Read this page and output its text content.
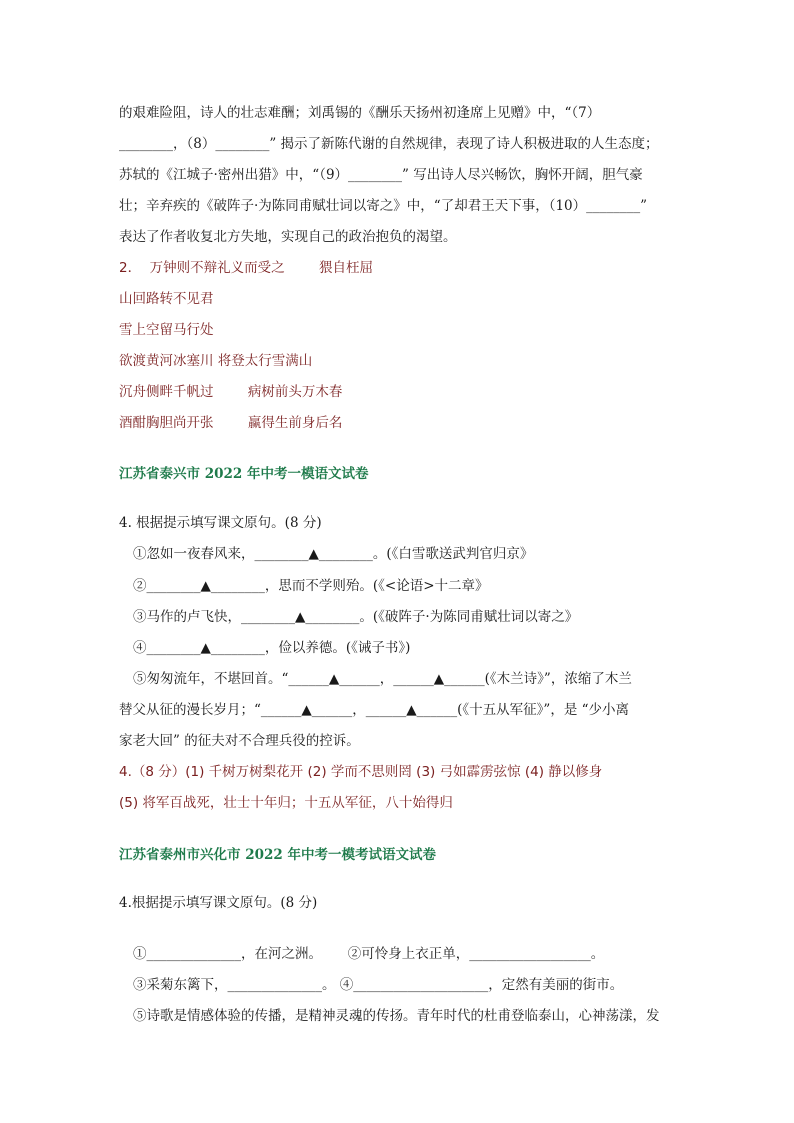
的艰难险阻，诗人的壮志难酬；刘禹锡的《酬乐天扬州初逢席上见赠》中，“（7）
________，（8）________” 揭示了新陈代谢的自然规律，表现了诗人积极进取的人生态度；
苏轼的《江城子·密州出猎》中，“（9）________” 写出诗人尽兴畅饮，胸怀开阔，胆气豪
壮；辛弃疾的《破阵子·为陈同甫赋壮词以寄之》中，“了却君王天下事，（10）________”
表达了作者收复北方失地，实现自己的政治抱负的渴望。
2．  万钟则不辩礼义而受之        猥自枉屈
山回路转不见君
雪上空留马行处
欲渡黄河冰塞川 将登太行雪满山
沉舟侧畔千帆过        病树前头万木春
酒酣胸胆尚开张        赢得生前身后名
江苏省泰兴市 2022 年中考一模语文试卷
4. 根据提示填写课文原句。(8 分)
①忽如一夜春风来，________▲________。(《白雪歌送武判官归京》
②________▲________，思而不学则殆。(《<论语>十二章》
③马作的卢飞快，________▲________。(《破阵子·为陈同甫赋壮词以寄之》
④________▲________，俭以养德。(《诫子书》)
⑤匆匆流年，不堪回首。“______▲______，______▲______(《木兰诗》”，浓缩了木兰
替父从征的漫长岁月；“______▲______，______▲______(《十五从军征》”，是 “少小离
家老大回” 的征夫对不合理兵役的控诉。
4.（8 分）(1) 千树万树梨花开 (2) 学而不思则罔 (3) 弓如霹雳弦惊 (4) 静以修身
(5) 将军百战死，壮士十年归；十五从军征，八十始得归
江苏省泰州市兴化市 2022 年中考一模考试语文试卷
4.根据提示填写课文原句。(8 分)
①______________，在河之洲。      ②可怜身上衣正单，__________________。
③采菊东篱下，______________。 ④____________________，定然有美丽的街市。
⑤诗歌是情感体验的传播，是精神灵魂的传扬。青年时代的杜甫登临泰山，心神荡漾，发
